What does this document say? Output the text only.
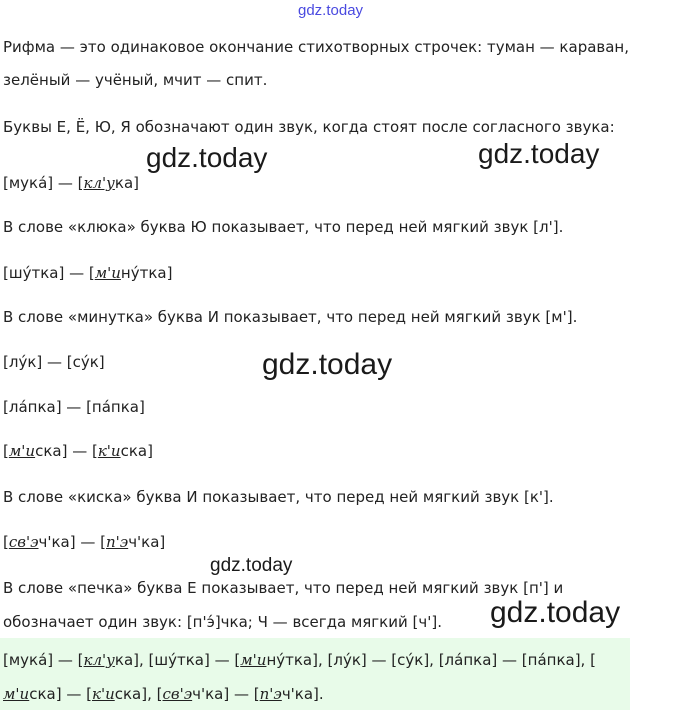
gdz.today
gdz.today	gdz.today
gdz.today
gdz.today
gdz.today
Рифма — это одинаковое окончание стихотворных строчек: туман — караван,
зелёный — учёный, мчит — спит.
Буквы Е, Ё, Ю, Я обозначают один звук, когда стоят после согласного звука:
[мукá] — [кл'ука]
В слове «клюка» буква Ю показывает, что перед ней мягкий звук [л'].
[шýтка] — [м'инýтка]
В слове «минутка» буква И показывает, что перед ней мягкий звук [м'].
[лýк] — [сýк]
[лáпка] — [пáпка]
[м'иска] — [к'иска]
В слове «киска» буква И показывает, что перед ней мягкий звук [к'].
[св'эч'ка] — [п'эч'ка]
В слове «печка» буква Е показывает, что перед ней мягкий звук [п'] и
обозначает один звук: [п'э́]чка; Ч — всегда мягкий [ч'].
[мукá] — [кл'ука], [шýтка] — [м'инýтка], [лýк] — [сýк], [лáпка] — [пáпка], [
м'иска] — [к'иска], [св'эч'ка] — [п'эч'ка].
